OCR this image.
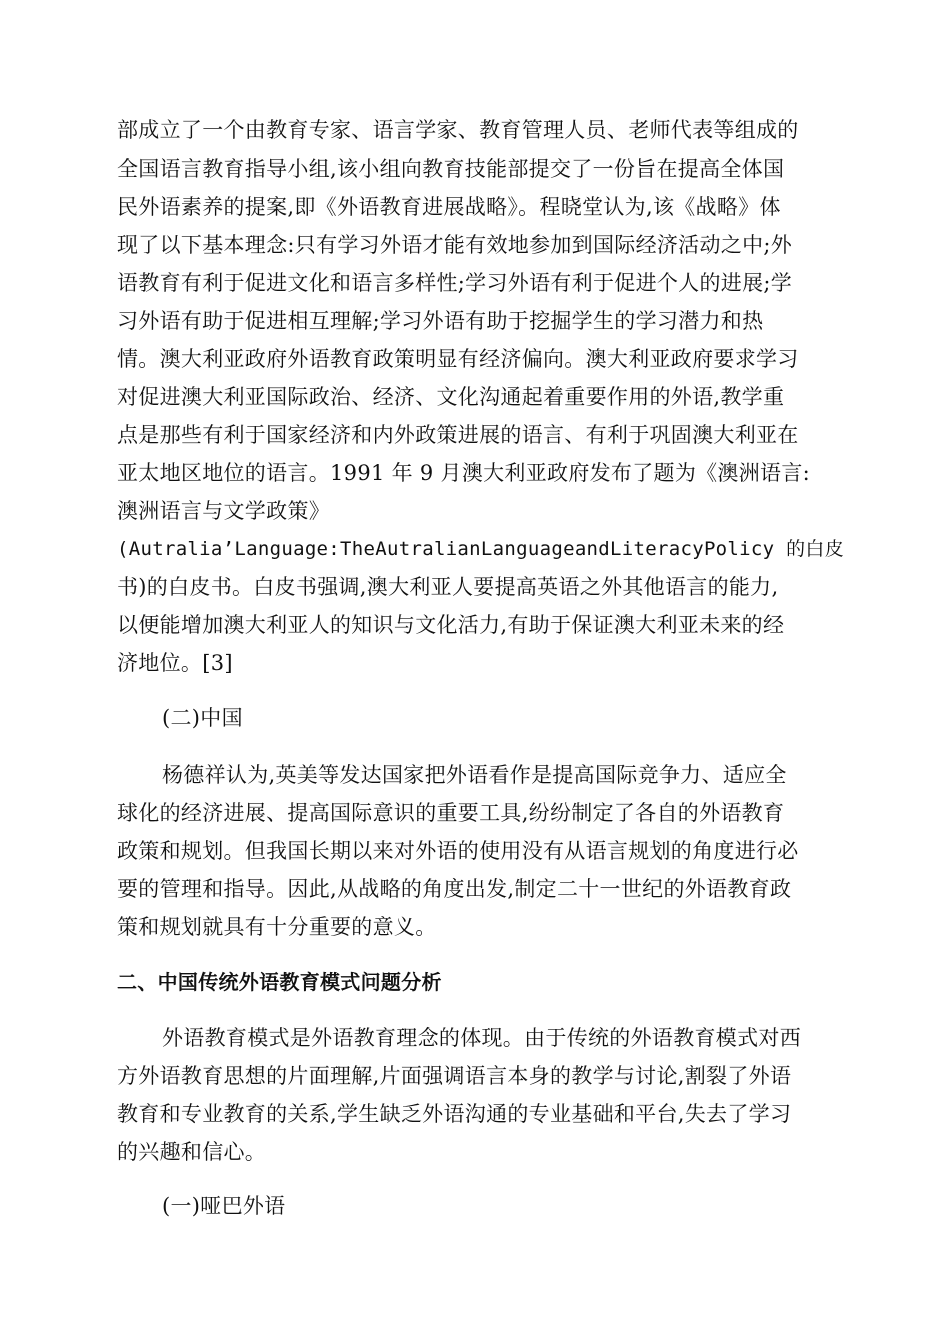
部成立了一个由教育专家、语言学家、教育管理人员、老师代表等组成的
全国语言教育指导小组,该小组向教育技能部提交了一份旨在提高全体国
民外语素养的提案,即《外语教育进展战略》。程晓堂认为,该《战略》体
现了以下基本理念:只有学习外语才能有效地参加到国际经济活动之中;外
语教育有利于促进文化和语言多样性;学习外语有利于促进个人的进展;学
习外语有助于促进相互理解;学习外语有助于挖掘学生的学习潜力和热
情。澳大利亚政府外语教育政策明显有经济偏向。澳大利亚政府要求学习
对促进澳大利亚国际政治、经济、文化沟通起着重要作用的外语,教学重
点是那些有利于国家经济和内外政策进展的语言、有利于巩固澳大利亚在
亚太地区地位的语言。1991 年 9 月澳大利亚政府发布了题为《澳洲语言:
澳洲语言与文学政策》
(Autralia’Language:TheAutralianLanguageandLiteracyPolicy 的白皮
书)的白皮书。白皮书强调,澳大利亚人要提高英语之外其他语言的能力,
以便能增加澳大利亚人的知识与文化活力,有助于保证澳大利亚未来的经
济地位。[3]
(二)中国
杨德祥认为,英美等发达国家把外语看作是提高国际竞争力、适应全
球化的经济进展、提高国际意识的重要工具,纷纷制定了各自的外语教育
政策和规划。但我国长期以来对外语的使用没有从语言规划的角度进行必
要的管理和指导。因此,从战略的角度出发,制定二十一世纪的外语教育政
策和规划就具有十分重要的意义。
二、中国传统外语教育模式问题分析
外语教育模式是外语教育理念的体现。由于传统的外语教育模式对西
方外语教育思想的片面理解,片面强调语言本身的教学与讨论,割裂了外语
教育和专业教育的关系,学生缺乏外语沟通的专业基础和平台,失去了学习
的兴趣和信心。
(一)哑巴外语
